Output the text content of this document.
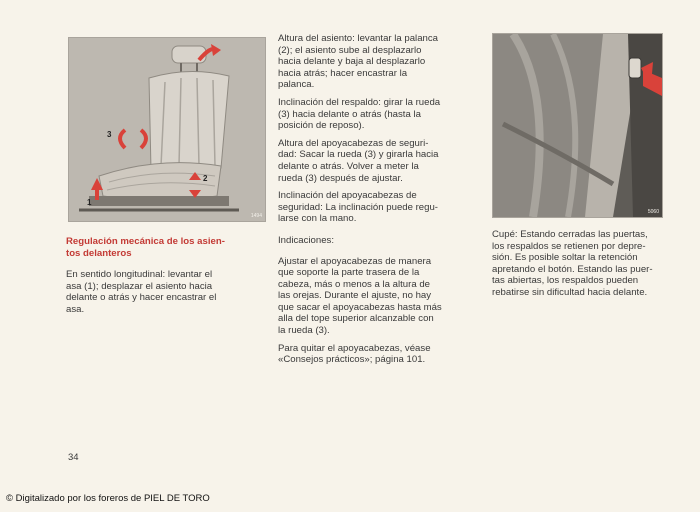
3
2
1
1494
5060

Regulación mecánica de los asien-
tos delanteros

En sentido longitudinal: levantar el
asa (1); desplazar el asiento hacia
delante o atrás y hacer encastrar el
asa.

Altura del asiento: levantar la palanca
(2); el asiento sube al desplazarlo
hacia delante y baja al desplazarlo
hacia atrás; hacer encastrar la
palanca.

Inclinación del respaldo: girar la rueda
(3) hacia delante o atrás (hasta la
posición de reposo).

Altura del apoyacabezas de seguri-
dad: Sacar la rueda (3) y girarla hacia
delante o atrás. Volver a meter la
rueda (3) después de ajustar.

Inclinación del apoyacabezas de
seguridad: La inclinación puede regu-
larse con la mano.

Indicaciones:

Ajustar el apoyacabezas de manera
que soporte la parte trasera de la
cabeza, más o menos a la altura de
las orejas. Durante el ajuste, no hay
que sacar el apoyacabezas hasta más
alla del tope superior alcanzable con
la rueda (3).

Para quitar el apoyacabezas, véase
«Consejos prácticos»; página 101.

Cupé: Estando cerradas las puertas,
los respaldos se retienen por depre-
sión. Es posible soltar la retención
apretando el botón. Estando las puer-
tas abiertas, los respaldos pueden
rebatirse sin dificultad hacia delante.

34
© Digitalizado por los foreros de PIEL DE TORO
